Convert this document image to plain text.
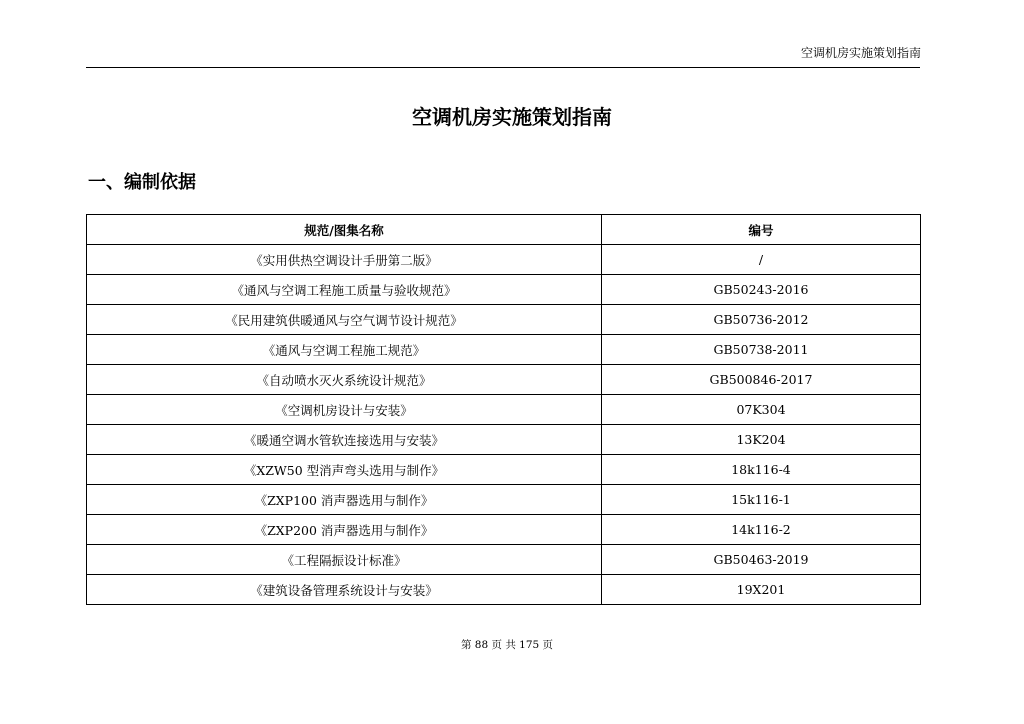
空调机房实施策划指南
空调机房实施策划指南
一、编制依据
规范/图集名称	编号
《实用供热空调设计手册第二版》	/
《通风与空调工程施工质量与验收规范》	GB50243-2016
《民用建筑供暖通风与空气调节设计规范》	GB50736-2012
《通风与空调工程施工规范》	GB50738-2011
《自动喷水灭火系统设计规范》	GB500846-2017
《空调机房设计与安装》	07K304
《暖通空调水管软连接选用与安装》	13K204
《XZW50 型消声弯头选用与制作》	18k116-4
《ZXP100 消声器选用与制作》	15k116-1
《ZXP200 消声器选用与制作》	14k116-2
《工程隔振设计标准》	GB50463-2019
《建筑设备管理系统设计与安装》	19X201
第 88 页 共 175 页
